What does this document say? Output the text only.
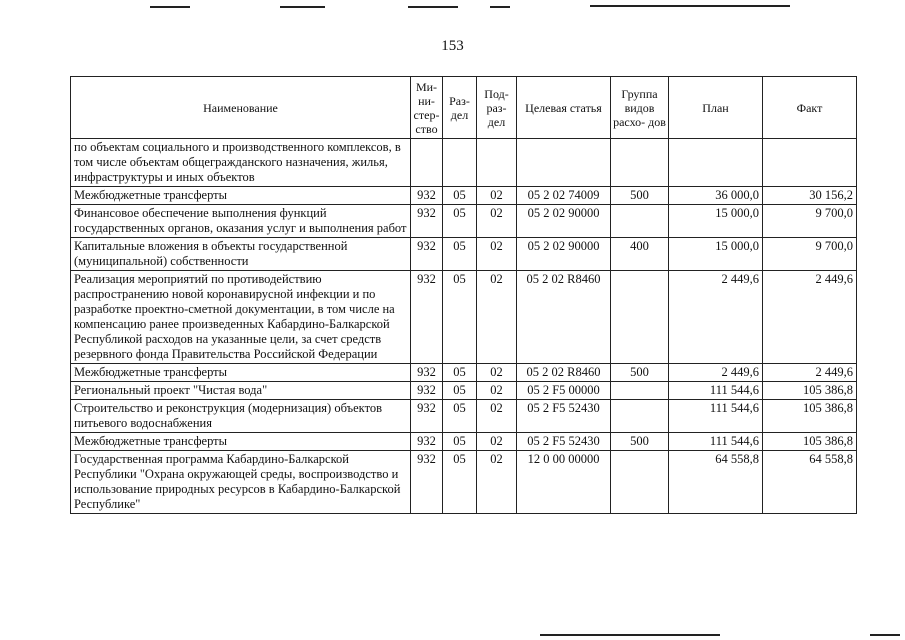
153
Наименование	Ми- ни- стер- ство	Раз- дел	Под- раз- дел	Целевая статья	Группа видов расхо- дов	План	Факт
по объектам социального и производственного комплексов, в том числе объектам общегражданского назначения, жилья, инфраструктуры и иных объектов							
Межбюджетные трансферты	932	05	02	05 2 02 74009	500	36 000,0	30 156,2
Финансовое обеспечение выполнения функций государственных органов, оказания услуг и выполнения работ	932	05	02	05 2 02 90000		15 000,0	9 700,0
Капитальные вложения в объекты государственной (муниципальной) собственности	932	05	02	05 2 02 90000	400	15 000,0	9 700,0
Реализация мероприятий по противодействию распространению новой коронавирусной инфекции и по разработке проектно-сметной документации, в том числе на компенсацию ранее произведенных Кабардино-Балкарской Республикой расходов на указанные цели, за счет средств резервного фонда Правительства Российской Федерации	932	05	02	05 2 02 R8460		2 449,6	2 449,6
Межбюджетные трансферты	932	05	02	05 2 02 R8460	500	2 449,6	2 449,6
Региональный проект "Чистая вода"	932	05	02	05 2 F5 00000		111 544,6	105 386,8
Строительство и реконструкция (модернизация) объектов питьевого водоснабжения	932	05	02	05 2 F5 52430		111 544,6	105 386,8
Межбюджетные трансферты	932	05	02	05 2 F5 52430	500	111 544,6	105 386,8
Государственная программа Кабардино-Балкарской Республики "Охрана окружающей среды, воспроизводство и использование природных ресурсов в Кабардино-Балкарской Республике"	932	05	02	12 0 00 00000		64 558,8	64 558,8
